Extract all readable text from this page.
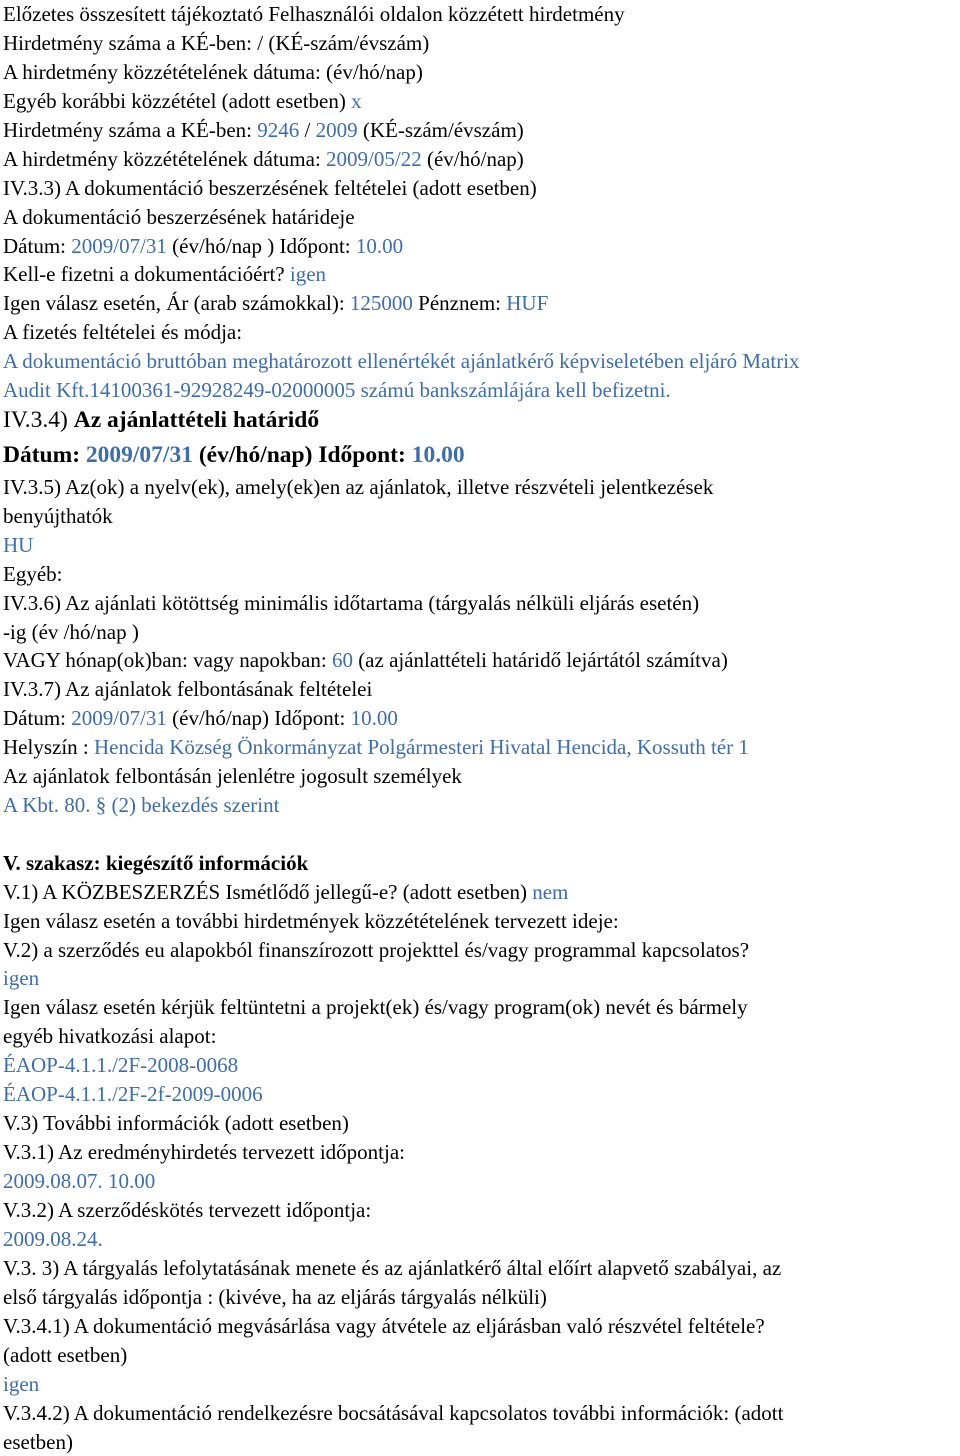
Előzetes összesített tájékoztató Felhasználói oldalon közzétett hirdetmény
Hirdetmény száma a KÉ-ben: / (KÉ-szám/évszám)
A hirdetmény közzétételének dátuma: (év/hó/nap)
Egyéb korábbi közzététel (adott esetben) x
Hirdetmény száma a KÉ-ben: 9246 / 2009 (KÉ-szám/évszám)
A hirdetmény közzétételének dátuma: 2009/05/22 (év/hó/nap)
IV.3.3) A dokumentáció beszerzésének feltételei (adott esetben)
A dokumentáció beszerzésének határideje
Dátum: 2009/07/31 (év/hó/nap ) Időpont: 10.00
Kell-e fizetni a dokumentációért? igen
Igen válasz esetén, Ár (arab számokkal): 125000 Pénznem: HUF
A fizetés feltételei és módja:
A dokumentáció bruttóban meghatározott ellenértékét ajánlatkérő képviseletében eljáró Matrix
Audit Kft.14100361-92928249-02000005 számú bankszámlájára kell befizetni.
IV.3.4) Az ajánlattételi határidő
Dátum: 2009/07/31 (év/hó/nap) Időpont: 10.00
IV.3.5) Az(ok) a nyelv(ek), amely(ek)en az ajánlatok, illetve részvételi jelentkezések
benyújthatók
HU
Egyéb:
IV.3.6) Az ajánlati kötöttség minimális időtartama (tárgyalás nélküli eljárás esetén)
-ig (év /hó/nap )
VAGY hónap(ok)ban: vagy napokban: 60 (az ajánlattételi határidő lejártától számítva)
IV.3.7) Az ajánlatok felbontásának feltételei
Dátum: 2009/07/31 (év/hó/nap) Időpont: 10.00
Helyszín : Hencida Község Önkormányzat Polgármesteri Hivatal Hencida, Kossuth tér 1
Az ajánlatok felbontásán jelenlétre jogosult személyek
A Kbt. 80. § (2) bekezdés szerint
V. szakasz: kiegészítő információk
V.1) A KÖZBESZERZÉS Ismétlődő jellegű-e? (adott esetben) nem
Igen válasz esetén a további hirdetmények közzétételének tervezett ideje:
V.2) a szerződés eu alapokból finanszírozott projekttel és/vagy programmal kapcsolatos?
igen
Igen válasz esetén kérjük feltüntetni a projekt(ek) és/vagy program(ok) nevét és bármely
egyéb hivatkozási alapot:
ÉAOP-4.1.1./2F-2008-0068
ÉAOP-4.1.1./2F-2f-2009-0006
V.3) További információk (adott esetben)
V.3.1) Az eredményhirdetés tervezett időpontja:
2009.08.07. 10.00
V.3.2) A szerződéskötés tervezett időpontja:
2009.08.24.
V.3. 3) A tárgyalás lefolytatásának menete és az ajánlatkérő által előírt alapvető szabályai, az
első tárgyalás időpontja : (kivéve, ha az eljárás tárgyalás nélküli)
V.3.4.1) A dokumentáció megvásárlása vagy átvétele az eljárásban való részvétel feltétele?
(adott esetben)
igen
V.3.4.2) A dokumentáció rendelkezésre bocsátásával kapcsolatos további információk: (adott
esetben)
